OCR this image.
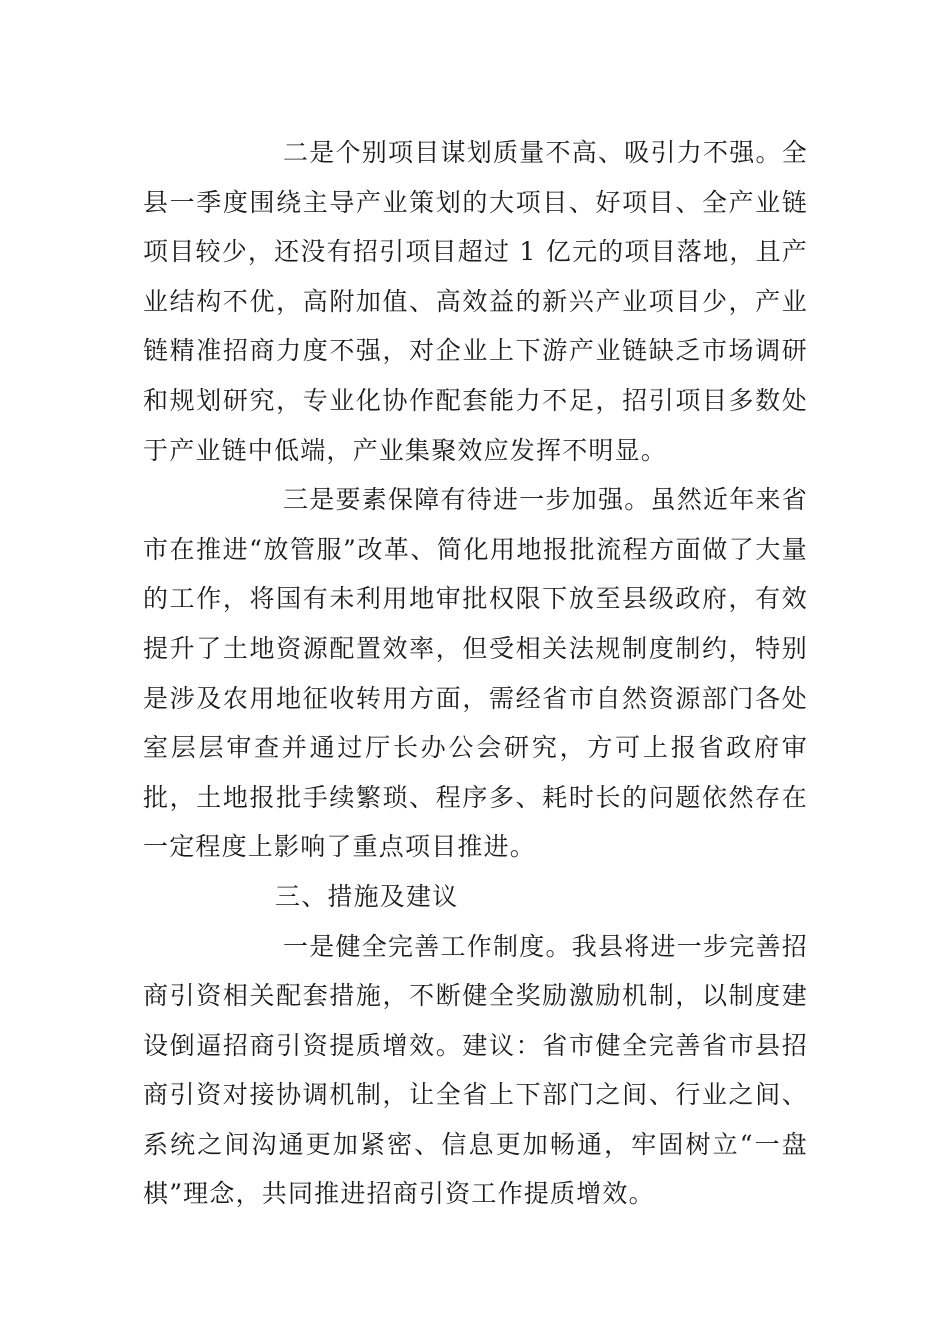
二是个别项目谋划质量不高、吸引力不强。全县一季度围绕主导产业策划的大项目、好项目、全产业链项目较少，还没有招引项目超过 1 亿元的项目落地，且产业结构不优，高附加值、高效益的新兴产业项目少，产业链精准招商力度不强，对企业上下游产业链缺乏市场调研和规划研究，专业化协作配套能力不足，招引项目多数处于产业链中低端，产业集聚效应发挥不明显。

三是要素保障有待进一步加强。虽然近年来省市在推进“放管服”改革、简化用地报批流程方面做了大量的工作，将国有未利用地审批权限下放至县级政府，有效提升了土地资源配置效率，但受相关法规制度制约，特别是涉及农用地征收转用方面，需经省市自然资源部门各处室层层审查并通过厅长办公会研究，方可上报省政府审批，土地报批手续繁琐、程序多、耗时长的问题依然存在一定程度上影响了重点项目推进。

三、措施及建议

一是健全完善工作制度。我县将进一步完善招商引资相关配套措施，不断健全奖励激励机制，以制度建设倒逼招商引资提质增效。建议：省市健全完善省市县招商引资对接协调机制，让全省上下部门之间、行业之间、系统之间沟通更加紧密、信息更加畅通，牢固树立“一盘棋”理念，共同推进招商引资工作提质增效。
